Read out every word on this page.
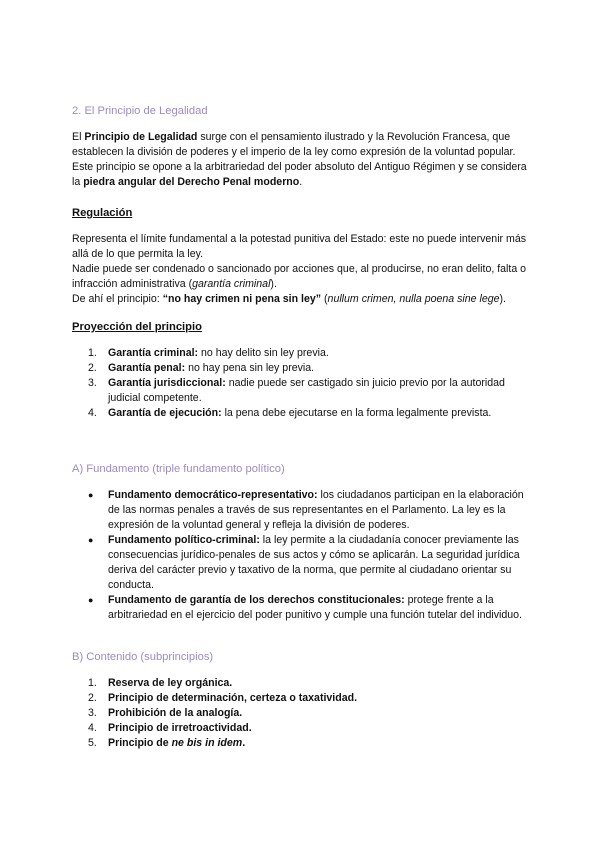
2. El Principio de Legalidad

El Principio de Legalidad surge con el pensamiento ilustrado y la Revolución Francesa, que establecen la división de poderes y el imperio de la ley como expresión de la voluntad popular. Este principio se opone a la arbitrariedad del poder absoluto del Antiguo Régimen y se considera la piedra angular del Derecho Penal moderno.

Regulación

Representa el límite fundamental a la potestad punitiva del Estado: este no puede intervenir más allá de lo que permita la ley.

Nadie puede ser condenado o sancionado por acciones que, al producirse, no eran delito, falta o infracción administrativa (garantía criminal).

De ahí el principio: “no hay crimen ni pena sin ley” (nullum crimen, nulla poena sine lege).

Proyección del principio
1. Garantía criminal: no hay delito sin ley previa.
2. Garantía penal: no hay pena sin ley previa.
3. Garantía jurisdiccional: nadie puede ser castigado sin juicio previo por la autoridad judicial competente.
4. Garantía de ejecución: la pena debe ejecutarse en la forma legalmente prevista.
A) Fundamento (triple fundamento político)
● Fundamento democrático-representativo: los ciudadanos participan en la elaboración de las normas penales a través de sus representantes en el Parlamento. La ley es la expresión de la voluntad general y refleja la división de poderes.
● Fundamento político-criminal: la ley permite a la ciudadanía conocer previamente las consecuencias jurídico-penales de sus actos y cómo se aplicarán. La seguridad jurídica deriva del carácter previo y taxativo de la norma, que permite al ciudadano orientar su conducta.
● Fundamento de garantía de los derechos constitucionales: protege frente a la arbitrariedad en el ejercicio del poder punitivo y cumple una función tutelar del individuo.
B) Contenido (subprincipios)
1. Reserva de ley orgánica.
2. Principio de determinación, certeza o taxatividad.
3. Prohibición de la analogía.
4. Principio de irretroactividad.
5. Principio de ne bis in idem.
